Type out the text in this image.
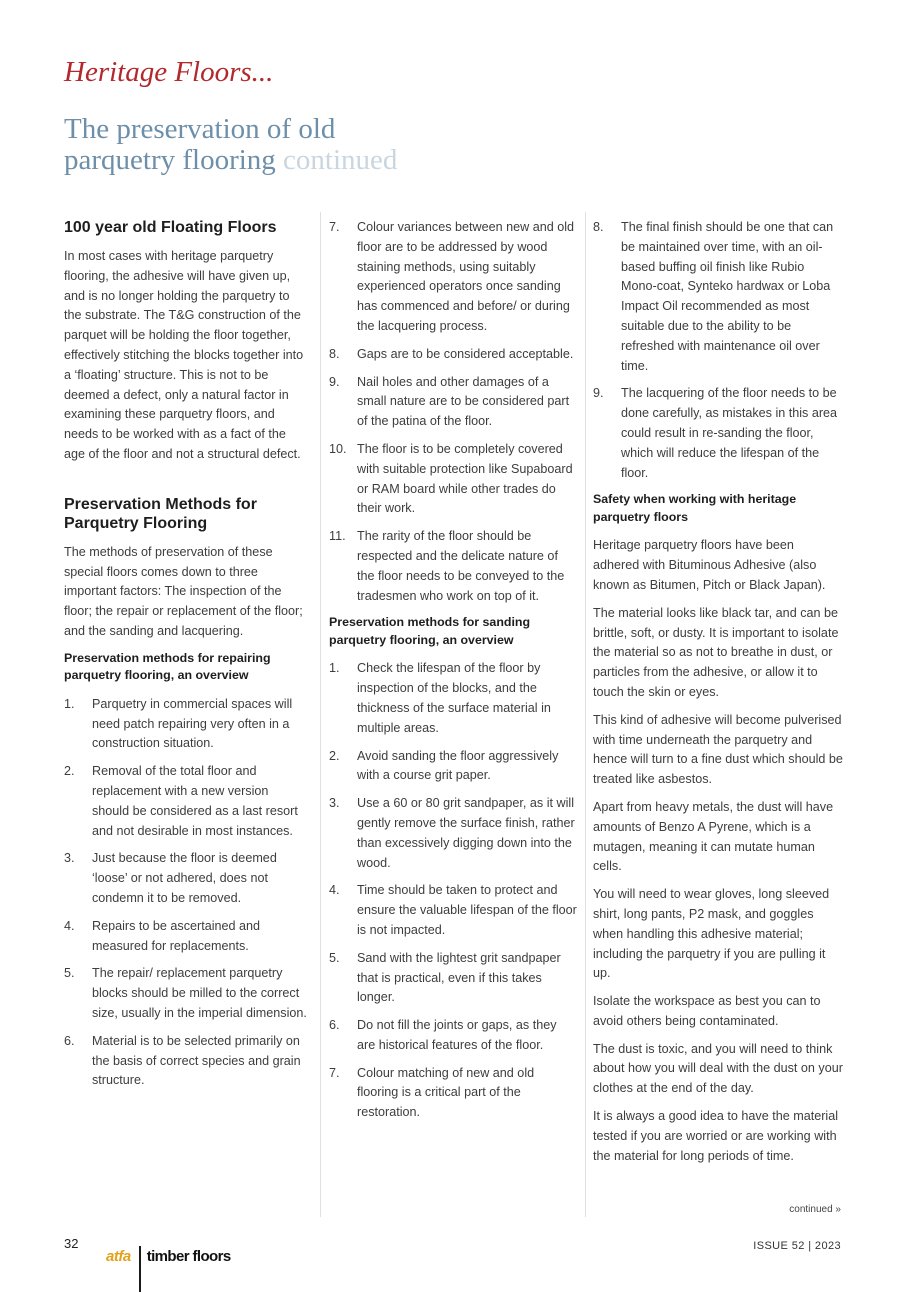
Heritage Floors...
The preservation of old
parquetry flooring continued
100 year old Floating Floors

In most cases with heritage parquetry flooring, the adhesive will have given up, and is no longer holding the parquetry to the substrate. The T&G construction of the parquet will be holding the floor together, effectively stitching the blocks together into a ‘floating’ structure. This is not to be deemed a defect, only a natural factor in examining these parquetry floors, and needs to be worked with as a fact of the age of the floor and not a structural defect.

Preservation Methods for Parquetry Flooring

The methods of preservation of these special floors comes down to three important factors: The inspection of the floor; the repair or replacement of the floor; and the sanding and lacquering.

Preservation methods for repairing parquetry flooring, an overview
1. Parquetry in commercial spaces will need patch repairing very often in a construction situation.
2. Removal of the total floor and replacement with a new version should be considered as a last resort and not desirable in most instances.
3. Just because the floor is deemed ‘loose’ or not adhered, does not condemn it to be removed.
4. Repairs to be ascertained and measured for replacements.
5. The repair/ replacement parquetry blocks should be milled to the correct size, usually in the imperial dimension.
6. Material is to be selected primarily on the basis of correct species and grain structure.
7. Colour variances between new and old floor are to be addressed by wood staining methods, using suitably experienced operators once sanding has commenced and before/ or during the lacquering process.
8. Gaps are to be considered acceptable.
9. Nail holes and other damages of a small nature are to be considered part of the patina of the floor.
10. The floor is to be completely covered with suitable protection like Supaboard or RAM board while other trades do their work.
11. The rarity of the floor should be respected and the delicate nature of the floor needs to be conveyed to the tradesmen who work on top of it.
Preservation methods for sanding parquetry flooring, an overview
1. Check the lifespan of the floor by inspection of the blocks, and the thickness of the surface material in multiple areas.
2. Avoid sanding the floor aggressively with a course grit paper.
3. Use a 60 or 80 grit sandpaper, as it will gently remove the surface finish, rather than excessively digging down into the wood.
4. Time should be taken to protect and ensure the valuable lifespan of the floor is not impacted.
5. Sand with the lightest grit sandpaper that is practical, even if this takes longer.
6. Do not fill the joints or gaps, as they are historical features of the floor.
7. Colour matching of new and old flooring is a critical part of the restoration.
8. The final finish should be one that can be maintained over time, with an oil-based buffing oil finish like Rubio Mono-coat, Synteko hardwax or Loba Impact Oil recommended as most suitable due to the ability to be refreshed with maintenance oil over time.
9. The lacquering of the floor needs to be done carefully, as mistakes in this area could result in re-sanding the floor, which will reduce the lifespan of the floor.
Safety when working with heritage parquetry floors

Heritage parquetry floors have been adhered with Bituminous Adhesive (also known as Bitumen, Pitch or Black Japan).

The material looks like black tar, and can be brittle, soft, or dusty. It is important to isolate the material so as not to breathe in dust, or particles from the adhesive, or allow it to touch the skin or eyes.

This kind of adhesive will become pulverised with time underneath the parquetry and hence will turn to a fine dust which should be treated like asbestos.

Apart from heavy metals, the dust will have amounts of Benzo A Pyrene, which is a mutagen, meaning it can mutate human cells.

You will need to wear gloves, long sleeved shirt, long pants, P2 mask, and goggles when handling this adhesive material; including the parquetry if you are pulling it up.

Isolate the workspace as best you can to avoid others being contaminated.

The dust is toxic, and you will need to think about how you will deal with the dust on your clothes at the end of the day.

It is always a good idea to have the material tested if you are worried or are working with the material for long periods of time.

continued »
32
atfa timber floors
ISSUE 52 | 2023
